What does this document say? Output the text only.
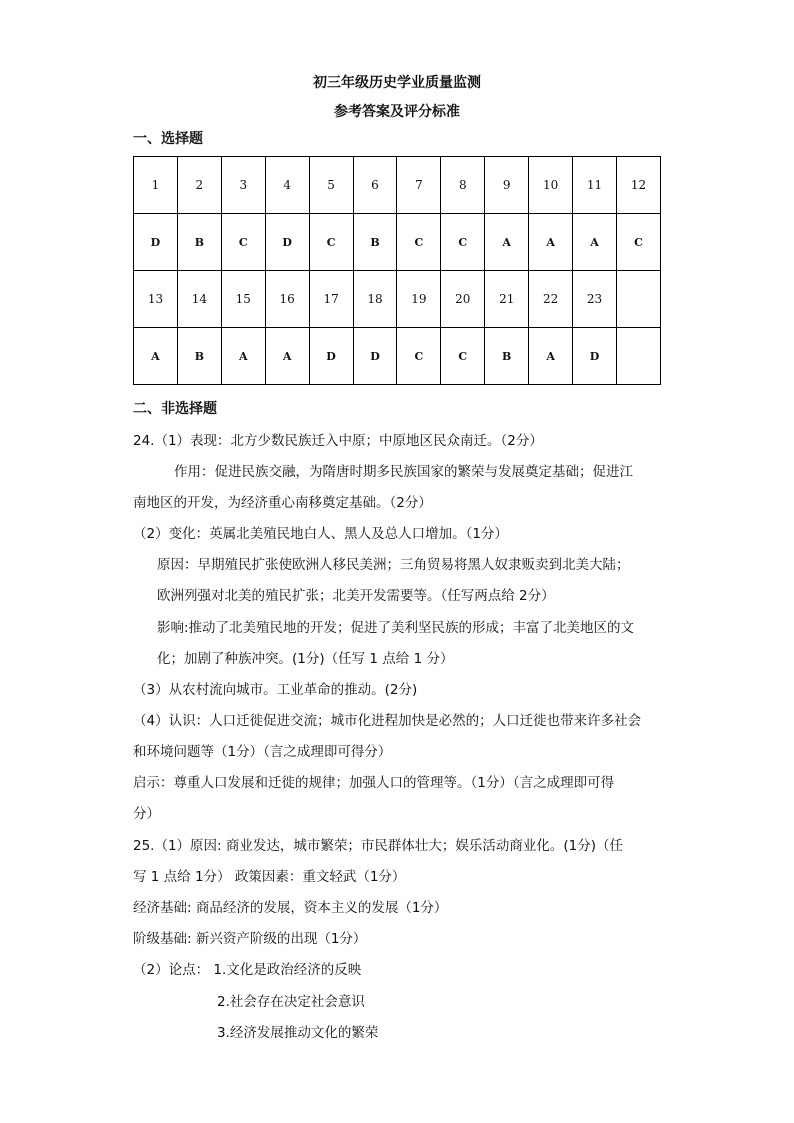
初三年级历史学业质量监测
参考答案及评分标准
一、选择题
1	2	3	4	5	6	7	8	9	10	11	12
D	B	C	D	C	B	C	C	A	A	A	C
13	14	15	16	17	18	19	20	21	22	23	
A	B	A	A	D	D	C	C	B	A	D	
二、非选择题
24.（1）表现：北方少数民族迁入中原；中原地区民众南迁。（2分）
作用：促进民族交融，为隋唐时期多民族国家的繁荣与发展奠定基础；促进江
南地区的开发，为经济重心南移奠定基础。（2分）
（2）变化：英属北美殖民地白人、黑人及总人口增加。（1分）
原因：早期殖民扩张使欧洲人移民美洲；三角贸易将黑人奴隶贩卖到北美大陆；
欧洲列强对北美的殖民扩张；北美开发需要等。（任写两点给 2分）
影响:推动了北美殖民地的开发；促进了美利坚民族的形成；丰富了北美地区的文
化；加剧了种族冲突。(1分)（任写 1 点给 1 分）
（3）从农村流向城市。工业革命的推动。(2分)
（4）认识：人口迁徙促进交流；城市化进程加快是必然的；人口迁徙也带来许多社会
和环境问题等（1分）（言之成理即可得分）
启示：尊重人口发展和迁徙的规律；加强人口的管理等。（1分）（言之成理即可得
分）
25.（1）原因: 商业发达，城市繁荣；市民群体壮大；娱乐活动商业化。(1分)（任
写 1 点给 1分） 政策因素：重文轻武（1分）
经济基础: 商品经济的发展，资本主义的发展（1分）
阶级基础: 新兴资产阶级的出现（1分）
（2）论点： 1.文化是政治经济的反映
2.社会存在决定社会意识
3.经济发展推动文化的繁荣
